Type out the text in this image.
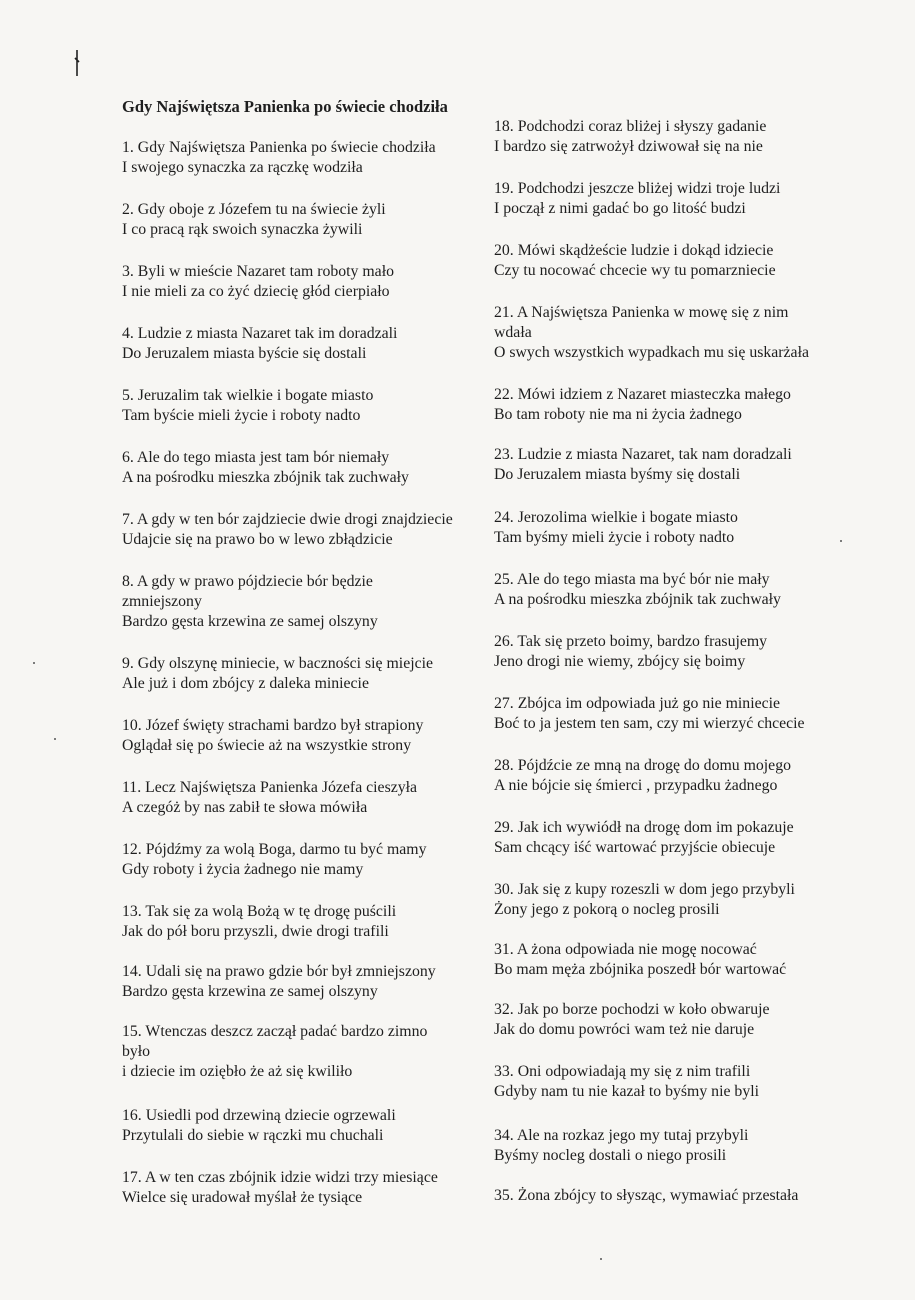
Gdy Najświętsza Panienka po świecie chodziła
1. Gdy Najświętsza Panienka po świecie chodziła
I swojego synaczka za rączkę wodziła
2. Gdy oboje z Józefem tu na świecie żyli
I co pracą rąk swoich synaczka żywili
3. Byli w mieście Nazaret tam roboty mało
I nie mieli za co żyć dziecię głód cierpiało
4. Ludzie z miasta Nazaret tak im doradzali
Do Jeruzalem miasta byście się dostali
5. Jeruzalim tak wielkie i bogate miasto
Tam byście mieli życie i roboty nadto
6. Ale do tego miasta jest tam bór niemały
A na pośrodku mieszka zbójnik tak zuchwały
7. A gdy w ten bór zajdziecie dwie drogi znajdziecie
Udajcie się na prawo bo w lewo zbłądzicie
8. A gdy w prawo pójdziecie bór będzie
zmniejszony
Bardzo gęsta krzewina ze samej olszyny
9. Gdy olszynę miniecie, w baczności się miejcie
Ale już i dom zbójcy z daleka miniecie
10. Józef święty strachami bardzo był strapiony
Oglądał się po świecie aż na wszystkie strony
11. Lecz Najświętsza Panienka Józefa cieszyła
A czegóż by nas zabił te słowa mówiła
12. Pójdźmy za wolą Boga, darmo tu być mamy
Gdy roboty i życia żadnego nie mamy
13. Tak się za wolą Bożą w tę drogę puścili
Jak do pół boru przyszli, dwie drogi trafili
14. Udali się na prawo gdzie bór był zmniejszony
Bardzo gęsta krzewina ze samej olszyny
15. Wtenczas deszcz zaczął padać bardzo zimno
było
i dziecie im oziębło że aż się kwiliło
16. Usiedli pod drzewiną dziecie ogrzewali
Przytulali do siebie w rączki mu chuchali
17. A w ten czas zbójnik idzie widzi trzy miesiące
Wielce się uradował myślał że tysiące
18. Podchodzi coraz bliżej i słyszy gadanie
I bardzo się zatrwożył dziwował się na nie
19. Podchodzi jeszcze bliżej widzi troje ludzi
I począł z nimi gadać bo go litość budzi
20. Mówi skądżeście ludzie i dokąd idziecie
Czy tu nocować chcecie wy tu pomarzniecie
21. A Najświętsza Panienka w mowę się z nim
wdała
O swych wszystkich wypadkach mu się uskarżała
22. Mówi idziem z Nazaret miasteczka małego
Bo tam roboty nie ma ni życia żadnego
23. Ludzie z miasta Nazaret, tak nam doradzali
Do Jeruzalem miasta byśmy się dostali
24. Jerozolima wielkie i bogate miasto
Tam byśmy mieli życie i roboty nadto
25. Ale do tego miasta ma być bór nie mały
A na pośrodku mieszka zbójnik tak zuchwały
26. Tak się przeto boimy, bardzo frasujemy
Jeno drogi nie wiemy, zbójcy się boimy
27. Zbójca im odpowiada już go nie miniecie
Boć to ja jestem ten sam, czy mi wierzyć chcecie
28. Pójdźcie ze mną na drogę do domu mojego
A nie bójcie się śmierci , przypadku żadnego
29. Jak ich wywiódł na drogę dom im pokazuje
Sam chcący iść wartować przyjście obiecuje
30. Jak się z kupy rozeszli w dom jego przybyli
Żony jego z pokorą o nocleg prosili
31. A żona odpowiada nie mogę nocować
Bo mam męża zbójnika poszedł bór wartować
32. Jak po borze pochodzi w koło obwaruje
Jak do domu powróci wam też nie daruje
33. Oni odpowiadają my się z nim trafili
Gdyby nam tu nie kazał to byśmy nie byli
34. Ale na rozkaz jego my tutaj przybyli
Byśmy nocleg dostali o niego prosili
35. Żona zbójcy to słysząc, wymawiać przestała
